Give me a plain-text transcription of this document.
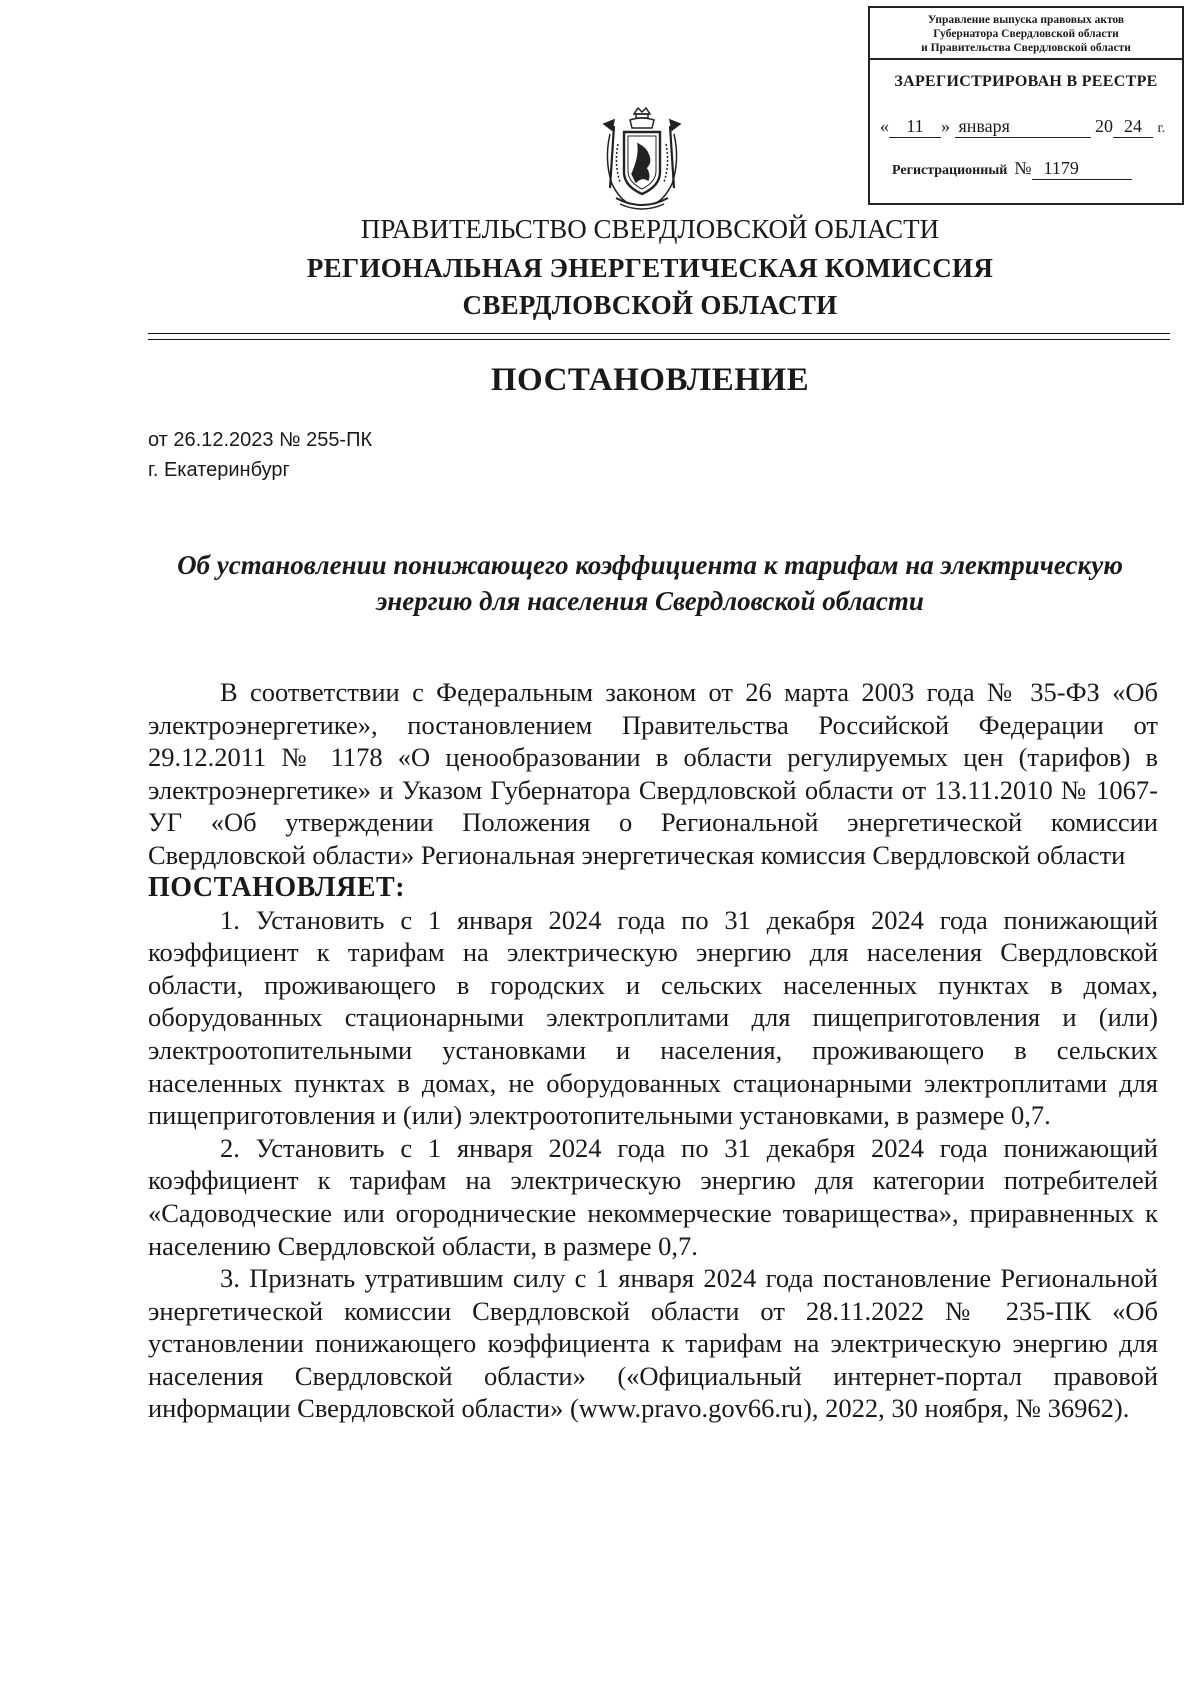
Управление выпуска правовых актов
Губернатора Свердловской области
и Правительства Свердловской области
ЗАРЕГИСТРИРОВАН В РЕЕСТРЕ
« 11 » января	20 24 г.
Регистрационный № 1179
ПРАВИТЕЛЬСТВО СВЕРДЛОВСКОЙ ОБЛАСТИ
РЕГИОНАЛЬНАЯ ЭНЕРГЕТИЧЕСКАЯ КОМИССИЯ
СВЕРДЛОВСКОЙ ОБЛАСТИ
ПОСТАНОВЛЕНИЕ
от 26.12.2023 № 255-ПК
г. Екатеринбург
Об установлении понижающего коэффициента к тарифам на электрическую
энергию для населения Свердловской области

В соответствии с Федеральным законом от 26 марта 2003 года № 35-ФЗ «Об электроэнергетике», постановлением Правительства Российской Федерации от 29.12.2011 № 1178 «О ценообразовании в области регулируемых цен (тарифов) в электроэнергетике» и Указом Губернатора Свердловской области от 13.11.2010 № 1067-УГ «Об утверждении Положения о Региональной энергетической комиссии Свердловской области» Региональная энергетическая комиссия Свердловской области

ПОСТАНОВЛЯЕТ:

1. Установить с 1 января 2024 года по 31 декабря 2024 года понижающий коэффициент к тарифам на электрическую энергию для населения Свердловской области, проживающего в городских и сельских населенных пунктах в домах, оборудованных стационарными электроплитами для пищеприготовления и (или) электроотопительными установками и населения, проживающего в сельских населенных пунктах в домах, не оборудованных стационарными электроплитами для пищеприготовления и (или) электроотопительными установками, в размере 0,7.

2. Установить с 1 января 2024 года по 31 декабря 2024 года понижающий коэффициент к тарифам на электрическую энергию для категории потребителей «Садоводческие или огороднические некоммерческие товарищества», приравненных к населению Свердловской области, в размере 0,7.

3. Признать утратившим силу с 1 января 2024 года постановление Региональной энергетической комиссии Свердловской области от 28.11.2022 № 235-ПК «Об установлении понижающего коэффициента к тарифам на электрическую энергию для населения Свердловской области» («Официальный интернет-портал правовой информации Свердловской области» (www.pravo.gov66.ru), 2022, 30 ноября, № 36962).
